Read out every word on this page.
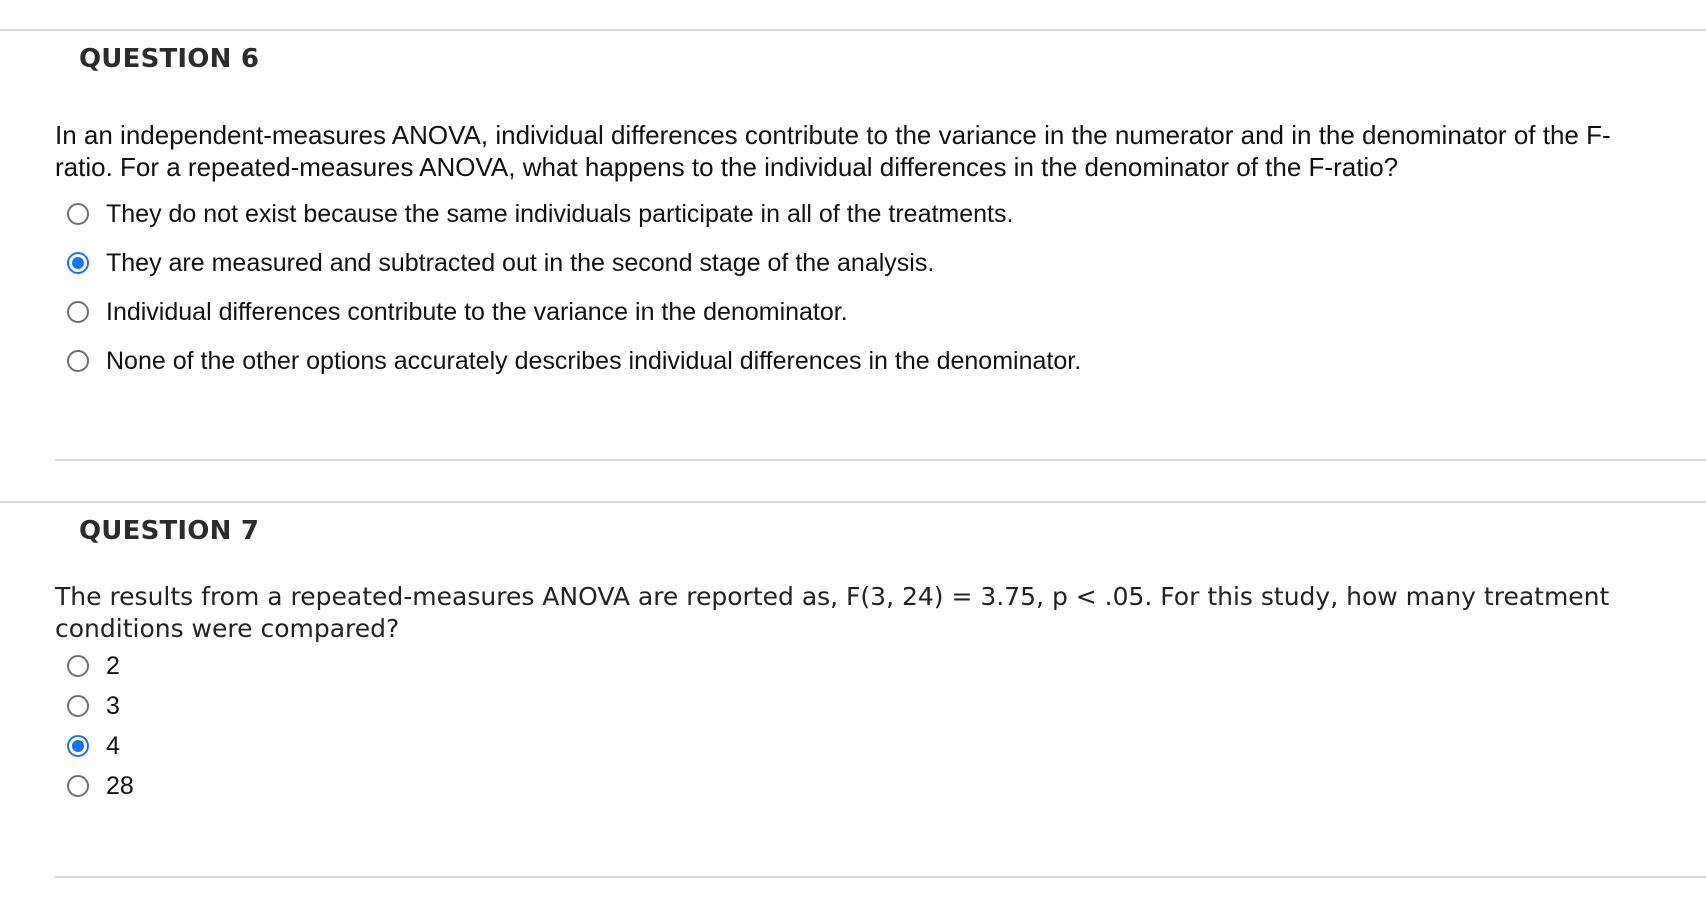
QUESTION 6
In an independent-measures ANOVA, individual differences contribute to the variance in the numerator and in the denominator of the F-
ratio. For a repeated-measures ANOVA, what happens to the individual differences in the denominator of the F-ratio?
They do not exist because the same individuals participate in all of the treatments.
They are measured and subtracted out in the second stage of the analysis.
Individual differences contribute to the variance in the denominator.
None of the other options accurately describes individual differences in the denominator.
QUESTION 7
The results from a repeated-measures ANOVA are reported as, F(3, 24) = 3.75, p < .05. For this study, how many treatment
conditions were compared?
2
3
4
28
